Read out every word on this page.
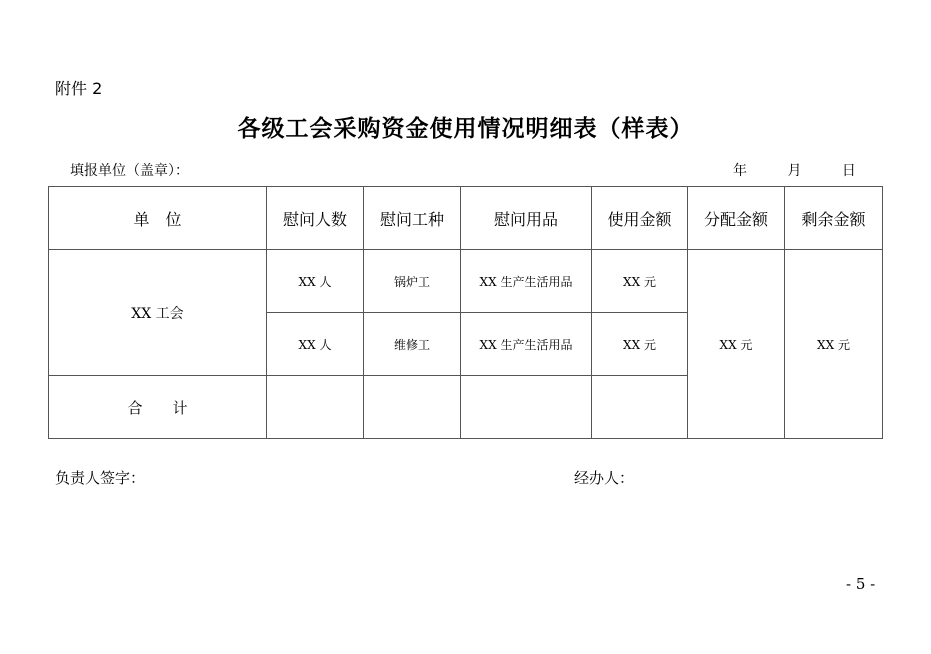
附件 2
各级工会采购资金使用情况明细表（样表）
填报单位（盖章）：	年	月	日
单　位	慰问人数	慰问工种	慰问用品	使用金额	分配金额	剩余金额
XX 工会	XX 人	锅炉工	XX 生产生活用品	XX 元	XX 元	XX 元
	XX 人	维修工	XX 生产生活用品	XX 元		
合　　计						
负责人签字：	经办人：
- 5 -
